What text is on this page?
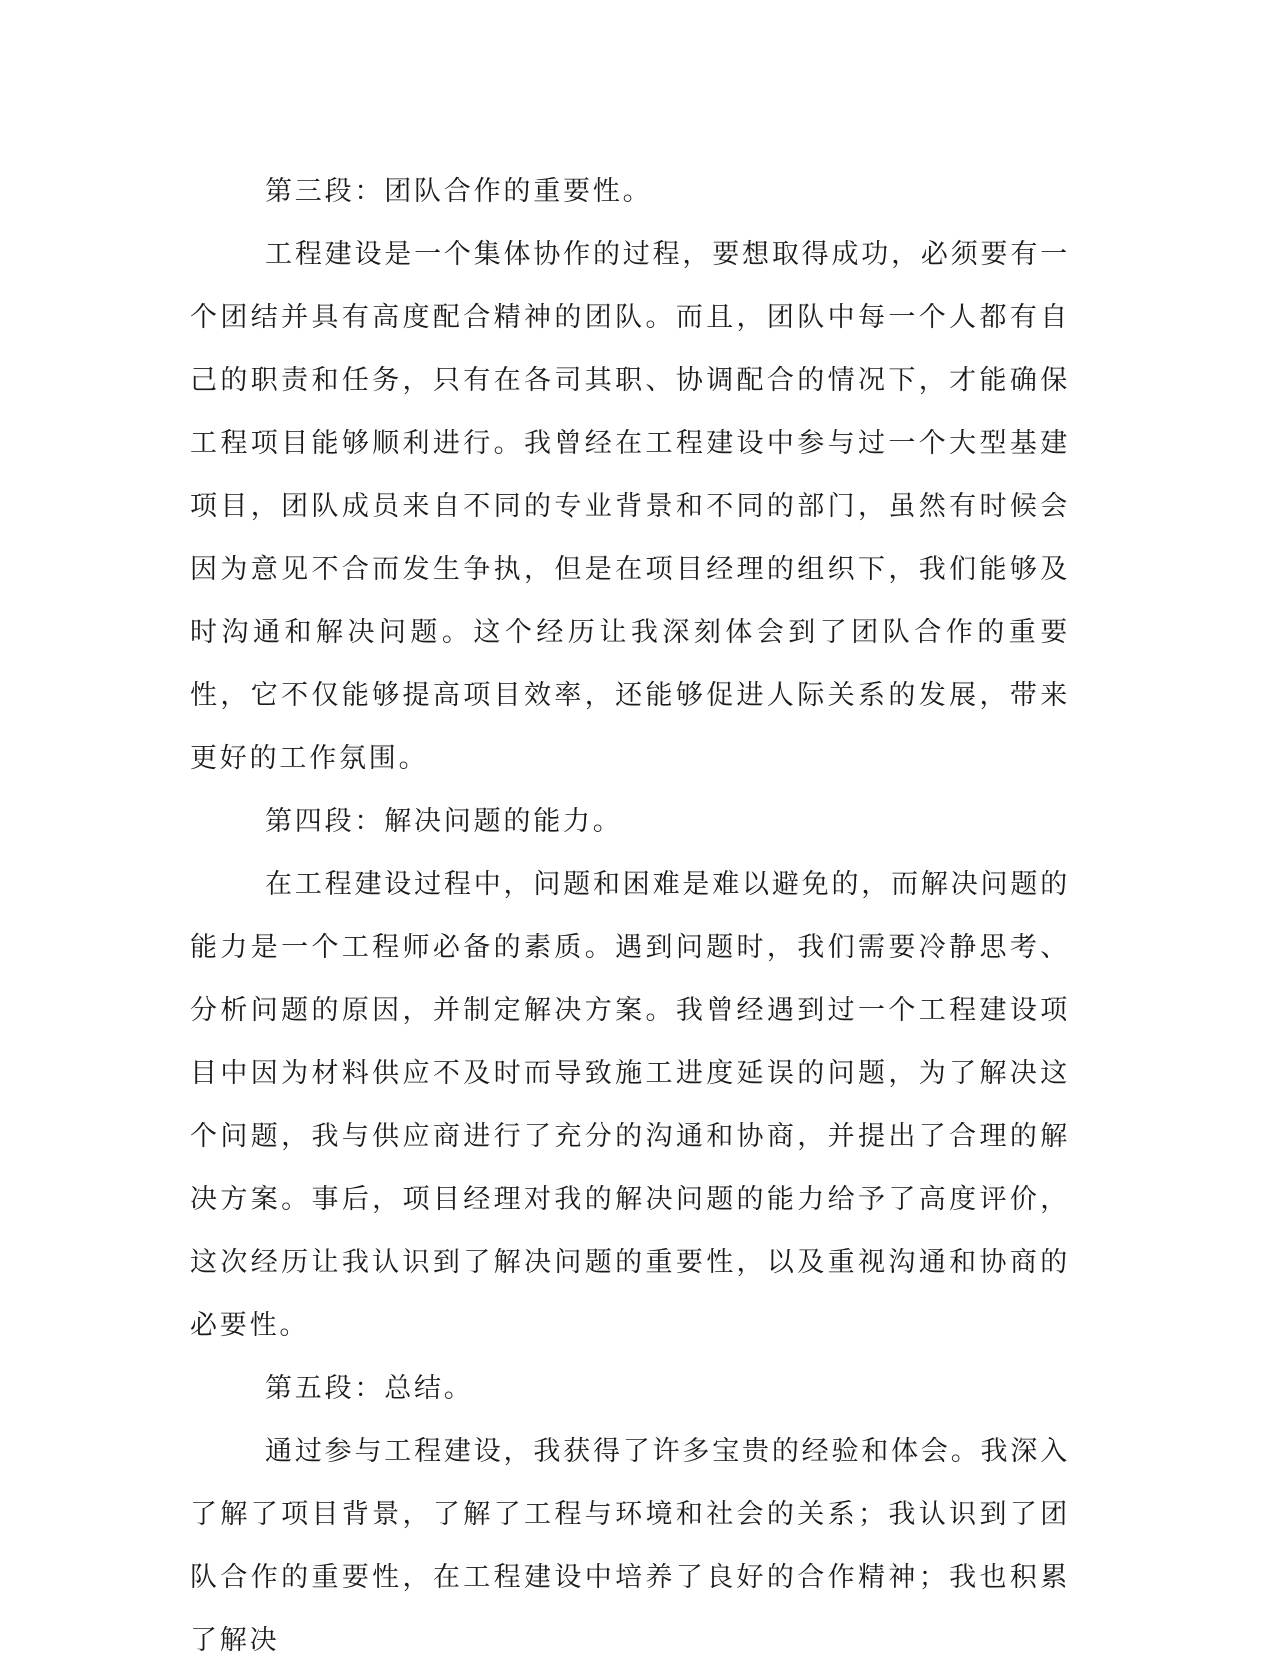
第三段：团队合作的重要性。

工程建设是一个集体协作的过程，要想取得成功，必须要有一个团结并具有高度配合精神的团队。而且，团队中每一个人都有自己的职责和任务，只有在各司其职、协调配合的情况下，才能确保工程项目能够顺利进行。我曾经在工程建设中参与过一个大型基建项目，团队成员来自不同的专业背景和不同的部门，虽然有时候会因为意见不合而发生争执，但是在项目经理的组织下，我们能够及时沟通和解决问题。这个经历让我深刻体会到了团队合作的重要性，它不仅能够提高项目效率，还能够促进人际关系的发展，带来更好的工作氛围。

第四段：解决问题的能力。

在工程建设过程中，问题和困难是难以避免的，而解决问题的能力是一个工程师必备的素质。遇到问题时，我们需要冷静思考、分析问题的原因，并制定解决方案。我曾经遇到过一个工程建设项目中因为材料供应不及时而导致施工进度延误的问题，为了解决这个问题，我与供应商进行了充分的沟通和协商，并提出了合理的解决方案。事后，项目经理对我的解决问题的能力给予了高度评价，这次经历让我认识到了解决问题的重要性，以及重视沟通和协商的必要性。

第五段：总结。

通过参与工程建设，我获得了许多宝贵的经验和体会。我深入了解了项目背景，了解了工程与环境和社会的关系；我认识到了团队合作的重要性，在工程建设中培养了良好的合作精神；我也积累了解决
